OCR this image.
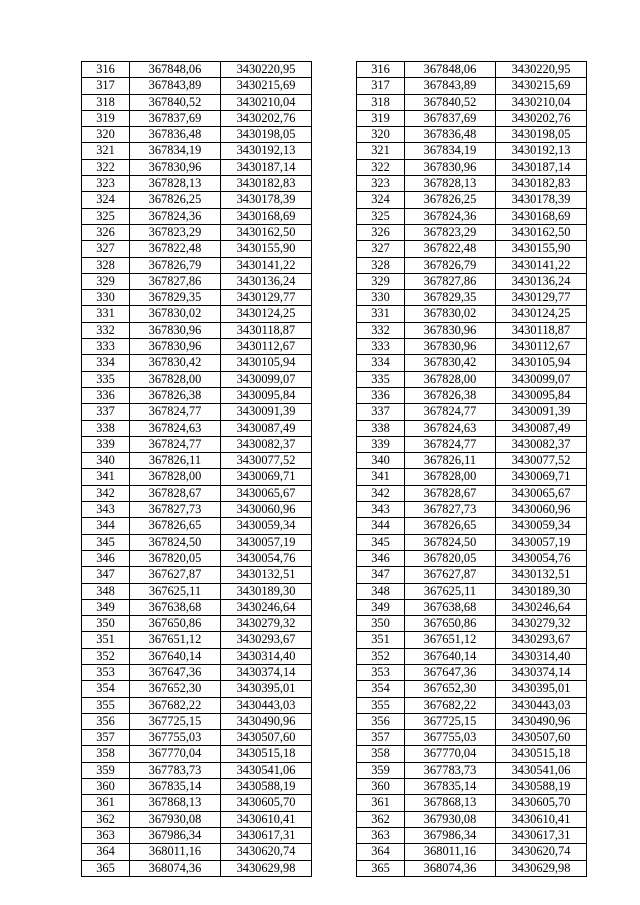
316	367848,06	3430220,95		316	367848,06	3430220,95
317	367843,89	3430215,69		317	367843,89	3430215,69
318	367840,52	3430210,04		318	367840,52	3430210,04
319	367837,69	3430202,76		319	367837,69	3430202,76
320	367836,48	3430198,05		320	367836,48	3430198,05
321	367834,19	3430192,13		321	367834,19	3430192,13
322	367830,96	3430187,14		322	367830,96	3430187,14
323	367828,13	3430182,83		323	367828,13	3430182,83
324	367826,25	3430178,39		324	367826,25	3430178,39
325	367824,36	3430168,69		325	367824,36	3430168,69
326	367823,29	3430162,50		326	367823,29	3430162,50
327	367822,48	3430155,90		327	367822,48	3430155,90
328	367826,79	3430141,22		328	367826,79	3430141,22
329	367827,86	3430136,24		329	367827,86	3430136,24
330	367829,35	3430129,77		330	367829,35	3430129,77
331	367830,02	3430124,25		331	367830,02	3430124,25
332	367830,96	3430118,87		332	367830,96	3430118,87
333	367830,96	3430112,67		333	367830,96	3430112,67
334	367830,42	3430105,94		334	367830,42	3430105,94
335	367828,00	3430099,07		335	367828,00	3430099,07
336	367826,38	3430095,84		336	367826,38	3430095,84
337	367824,77	3430091,39		337	367824,77	3430091,39
338	367824,63	3430087,49		338	367824,63	3430087,49
339	367824,77	3430082,37		339	367824,77	3430082,37
340	367826,11	3430077,52		340	367826,11	3430077,52
341	367828,00	3430069,71		341	367828,00	3430069,71
342	367828,67	3430065,67		342	367828,67	3430065,67
343	367827,73	3430060,96		343	367827,73	3430060,96
344	367826,65	3430059,34		344	367826,65	3430059,34
345	367824,50	3430057,19		345	367824,50	3430057,19
346	367820,05	3430054,76		346	367820,05	3430054,76
347	367627,87	3430132,51		347	367627,87	3430132,51
348	367625,11	3430189,30		348	367625,11	3430189,30
349	367638,68	3430246,64		349	367638,68	3430246,64
350	367650,86	3430279,32		350	367650,86	3430279,32
351	367651,12	3430293,67		351	367651,12	3430293,67
352	367640,14	3430314,40		352	367640,14	3430314,40
353	367647,36	3430374,14		353	367647,36	3430374,14
354	367652,30	3430395,01		354	367652,30	3430395,01
355	367682,22	3430443,03		355	367682,22	3430443,03
356	367725,15	3430490,96		356	367725,15	3430490,96
357	367755,03	3430507,60		357	367755,03	3430507,60
358	367770,04	3430515,18		358	367770,04	3430515,18
359	367783,73	3430541,06		359	367783,73	3430541,06
360	367835,14	3430588,19		360	367835,14	3430588,19
361	367868,13	3430605,70		361	367868,13	3430605,70
362	367930,08	3430610,41		362	367930,08	3430610,41
363	367986,34	3430617,31		363	367986,34	3430617,31
364	368011,16	3430620,74		364	368011,16	3430620,74
365	368074,36	3430629,98		365	368074,36	3430629,98
